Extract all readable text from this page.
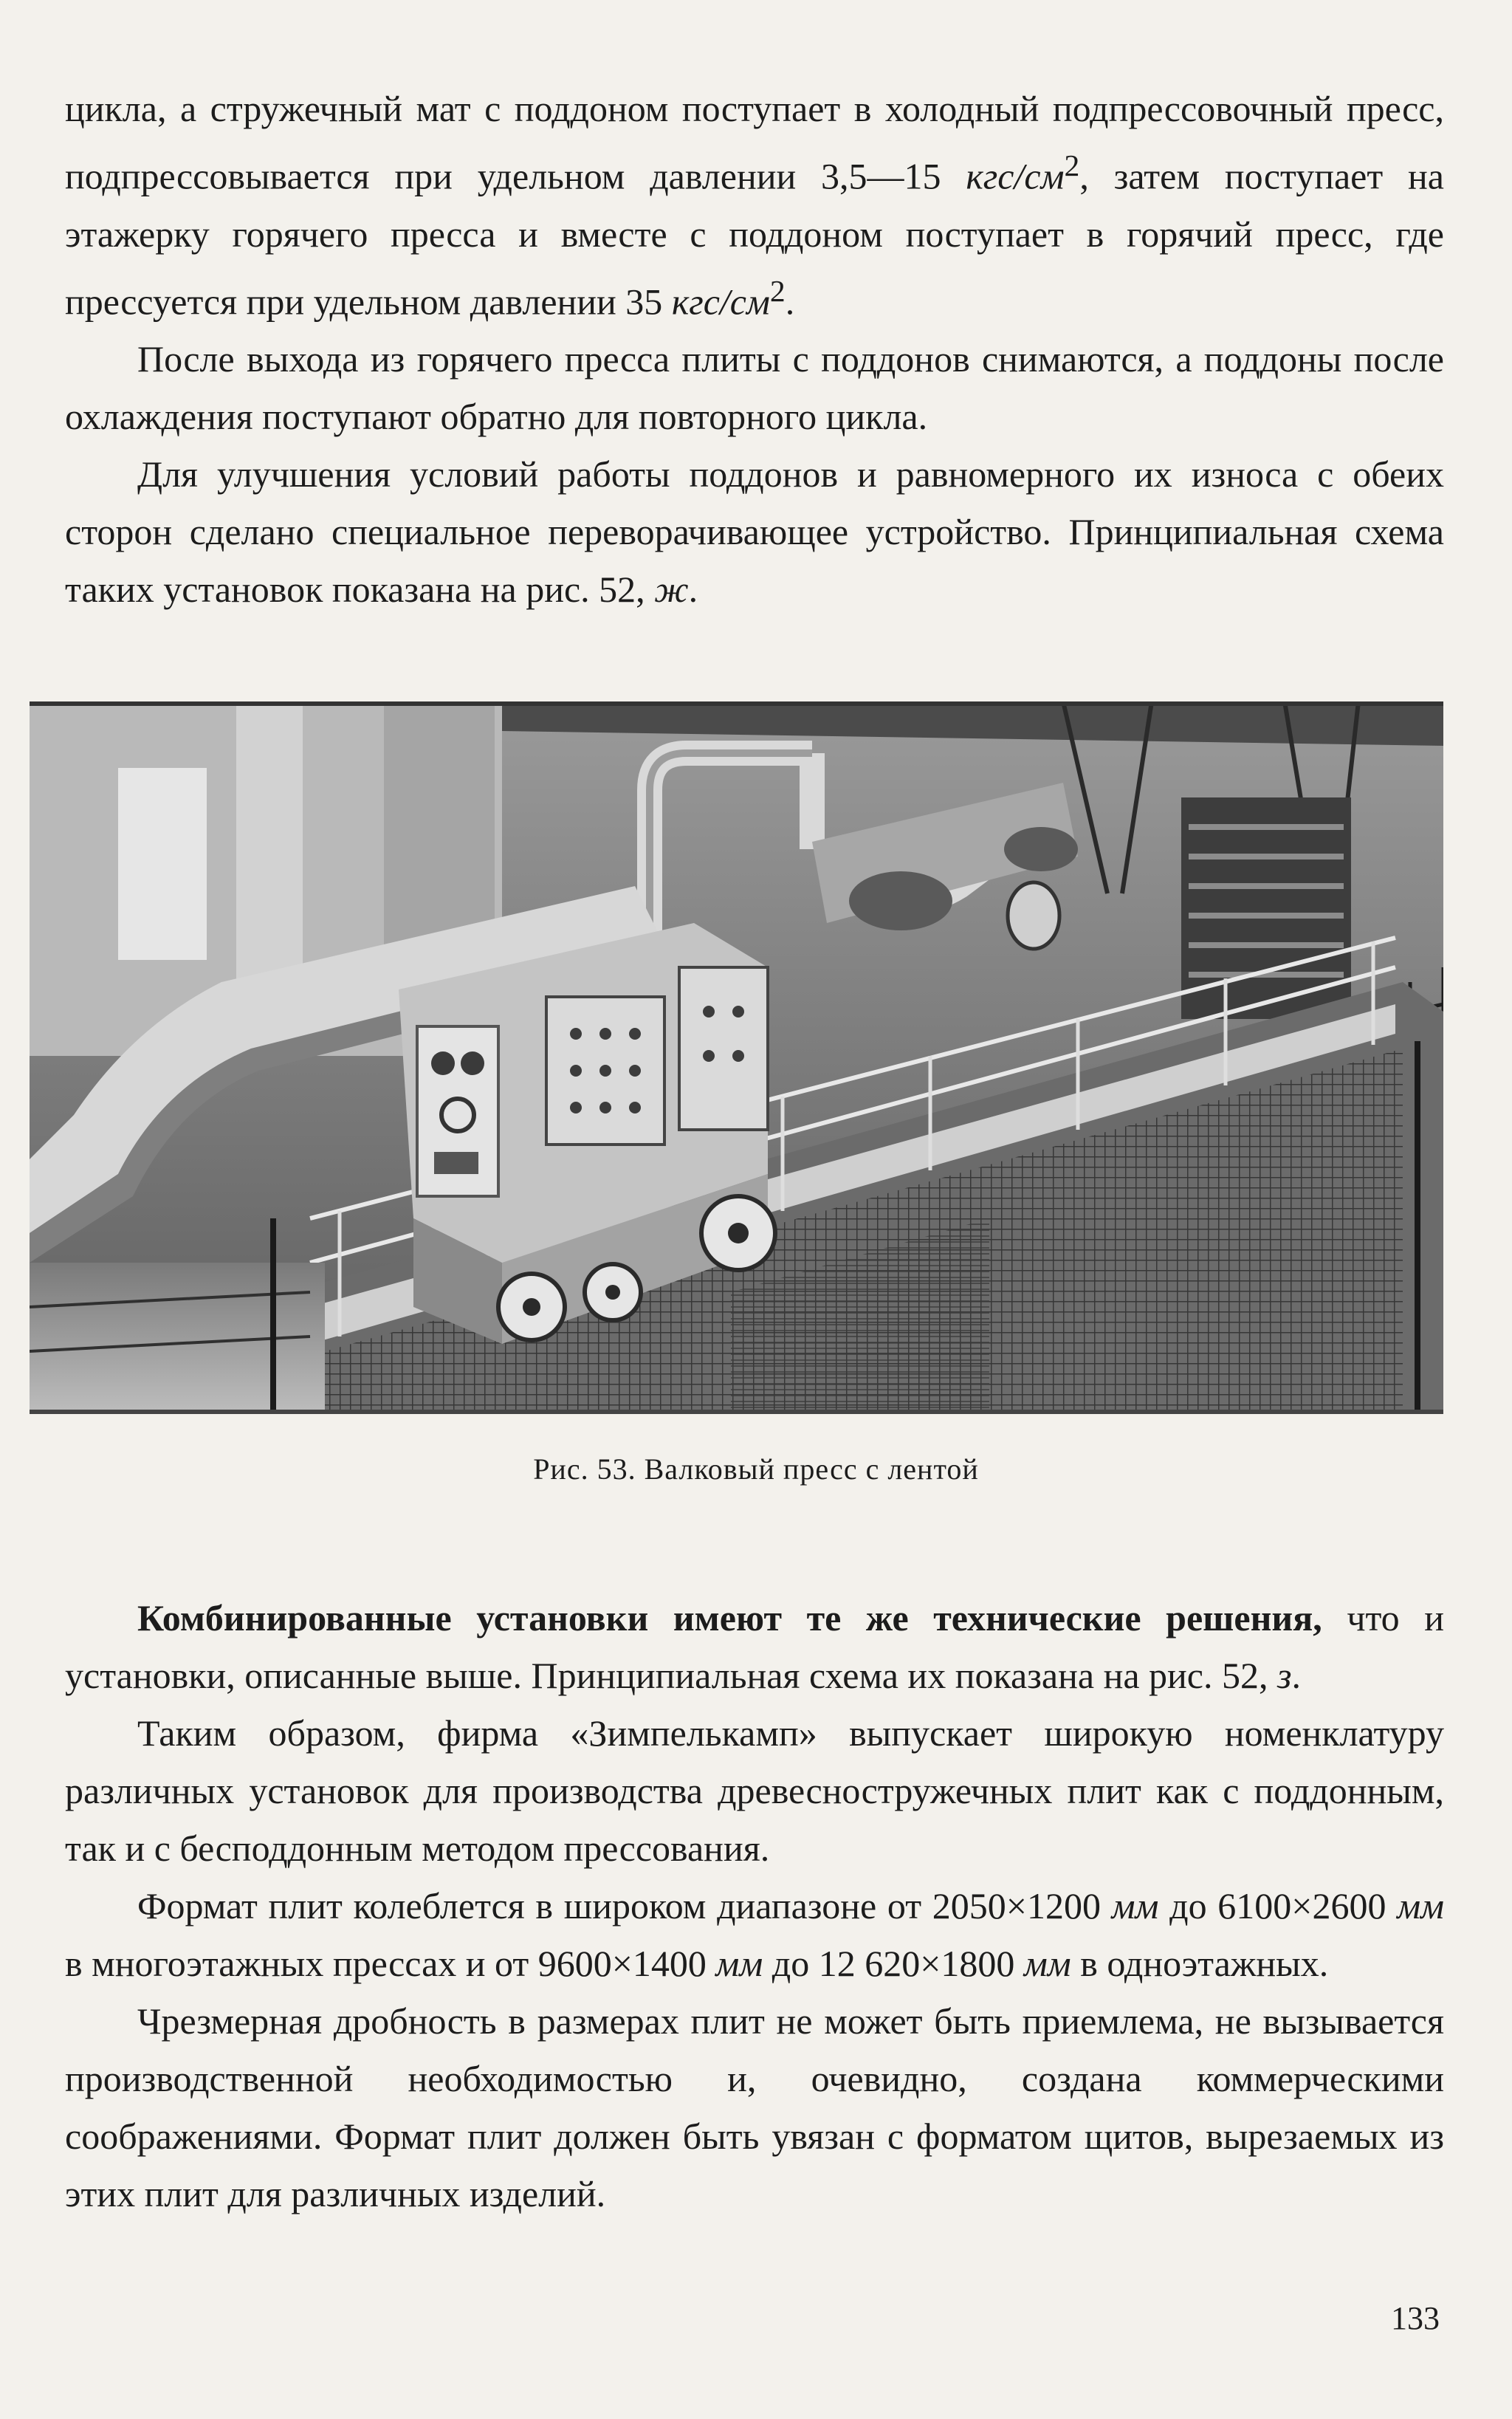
цикла, а стружечный мат с поддоном поступает в холодный подпрессовочный пресс, подпрессовывается при удельном давлении 3,5—15 кгс/$см^2$, затем поступает на этажерку горячего пресса и вместе с поддоном поступает в горячий пресс, где прессуется при удельном давлении 35 кгс/$см^2$.

После выхода из горячего пресса плиты с поддонов снимаются, а поддоны после охлаждения поступают обратно для повторного цикла.

Для улучшения условий работы поддонов и равномерного их износа с обеих сторон сделано специальное переворачивающее устройство. Принципиальная схема таких установок показана на рис. 52, ж.

Рис. 53. Валковый пресс с лентой

Комбинированные установки имеют те же технические решения, что и установки, описанные выше. Принципиальная схема их показана на рис. 52, з.

Таким образом, фирма «Зимпелькамп» выпускает широкую номенклатуру различных установок для производства древесностружечных плит как с поддонным, так и с бесподдонным методом прессования.

Формат плит колеблется в широком диапазоне от 2050×1200 мм до 6100×2600 мм в многоэтажных прессах и от 9600×1400 мм до 12 620×1800 мм в одноэтажных.

Чрезмерная дробность в размерах плит не может быть приемлема, не вызывается производственной необходимостью и, очевидно, создана коммерческими соображениями. Формат плит должен быть увязан с форматом щитов, вырезаемых из этих плит для различных изделий.

133
